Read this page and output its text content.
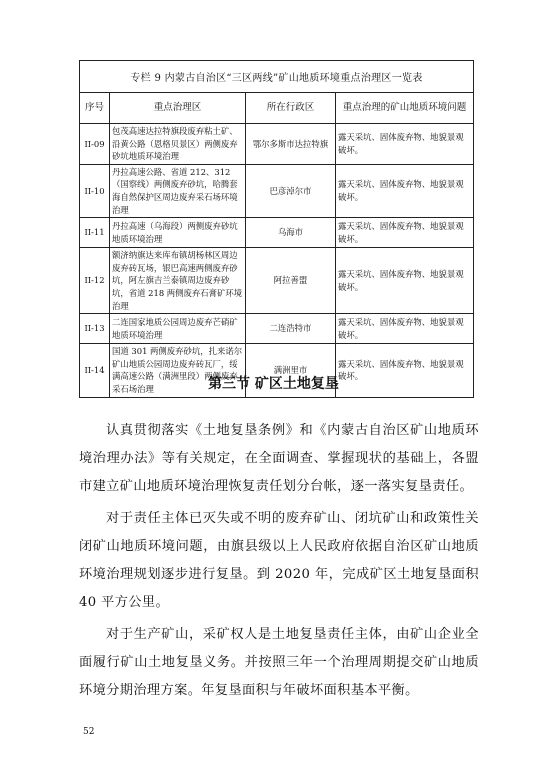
专栏 9 内蒙古自治区“三区两线”矿山地质环境重点治理区一览表			
序号	重点治理区	所在行政区	重点治理的矿山地质环境问题
II-09	包茂高速达拉特旗段废弃粘土矿、沿黄公路（恩格贝景区）两侧废弃砂坑地质环境治理	鄂尔多斯市达拉特旗	露天采坑、固体废弃物、地貌景观破坏。
II-10	丹拉高速公路、省道 212、312（国察线）两侧废弃砂坑，哈腾套海自然保护区周边废弃采石场环境治理	巴彦淖尔市	露天采坑、固体废弃物、地貌景观破坏。
II-11	丹拉高速（乌海段）两侧废弃砂坑地质环境治理	乌海市	露天采坑、固体废弃物、地貌景观破坏。
II-12	额济纳旗达来库布镇胡杨林区周边废弃砖瓦场，银巴高速两侧废弃砂坑，阿左旗吉兰泰镇周边废弃砂坑，省道 218 两侧废弃石膏矿环境治理	阿拉善盟	露天采坑、固体废弃物、地貌景观破坏。
II-13	二连国家地质公园周边废弃芒硝矿地质环境治理	二连浩特市	露天采坑、固体废弃物、地貌景观破坏。
II-14	国道 301 两侧废弃砂坑，扎来诺尔矿山地质公园周边废弃砖瓦厂，绥满高速公路（满洲里段）两侧废弃采石场治理	满洲里市	露天采坑、固体废弃物、地貌景观破坏。
第三节 矿区土地复垦

认真贯彻落实《土地复垦条例》和《内蒙古自治区矿山地质环境治理办法》等有关规定，在全面调查、掌握现状的基础上，各盟市建立矿山地质环境治理恢复责任划分台帐，逐一落实复垦责任。

对于责任主体已灭失或不明的废弃矿山、闭坑矿山和政策性关闭矿山地质环境问题，由旗县级以上人民政府依据自治区矿山地质环境治理规划逐步进行复垦。到 2020 年，完成矿区土地复垦面积 40 平方公里。

对于生产矿山，采矿权人是土地复垦责任主体，由矿山企业全面履行矿山土地复垦义务。并按照三年一个治理周期提交矿山地质环境分期治理方案。年复垦面积与年破坏面积基本平衡。

52
